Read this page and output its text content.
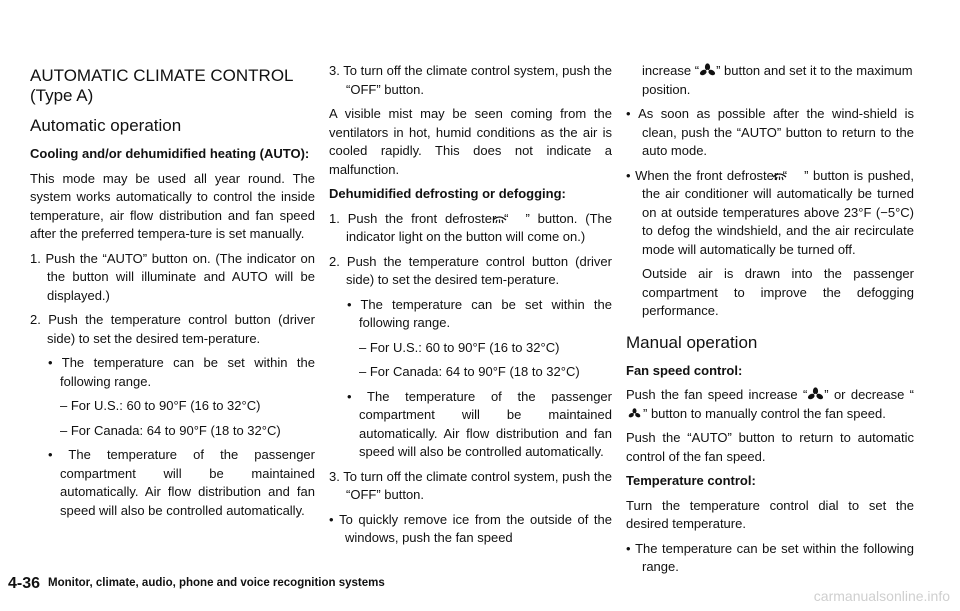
AUTOMATIC CLIMATE CONTROL
(Type A)
Automatic operation
Cooling and/or dehumidified heating (AUTO):

This mode may be used all year round. The system works automatically to control the inside temperature, air flow distribution and fan speed after the preferred tempera-ture is set manually.

1. Push the “AUTO” button on. (The indicator on the button will illuminate and AUTO will be displayed.)
2. Push the temperature control button (driver side) to set the desired tem-perature.
• The temperature can be set within the following range.
– For U.S.: 60 to 90°F (16 to 32°C)
– For Canada: 64 to 90°F (18 to 32°C)
• The temperature of the passenger compartment will be maintained automatically. Air flow distribution and fan speed will also be controlled automatically.
3. To turn off the climate control system, push the “OFF” button.

A visible mist may be seen coming from the ventilators in hot, humid conditions as the air is cooled rapidly. This does not indicate a malfunction.

Dehumidified defrosting or defogging:
1. Push the front defroster “ ” button. (The indicator light on the button will come on.)
2. Push the temperature control button (driver side) to set the desired tem-perature.
• The temperature can be set within the following range.
– For U.S.: 60 to 90°F (16 to 32°C)
– For Canada: 64 to 90°F (18 to 32°C)
• The temperature of the passenger compartment will be maintained automatically. Air flow distribution and fan speed will also be controlled automatically.
3. To turn off the climate control system, push the “OFF” button.
• To quickly remove ice from the outside of the windows, push the fan speed
increase “ ” button and set it to the maximum position.
• As soon as possible after the wind-shield is clean, push the “AUTO” button to return to the auto mode.
• When the front defroster “ ” button is pushed, the air conditioner will automatically be turned on at outside temperatures above 23°F (−5°C) to defog the windshield, and the air recirculate mode will automatically be turned off.
Outside air is drawn into the passenger compartment to improve the defogging performance.
Manual operation
Fan speed control:

Push the fan speed increase “ ” or decrease “” button to manually control the fan speed.

Push the “AUTO” button to return to automatic control of the fan speed.

Temperature control:

Turn the temperature control dial to set the desired temperature.

• The temperature can be set within the following range.
4-36 Monitor, climate, audio, phone and voice recognition systems
carmanualsonline.info
